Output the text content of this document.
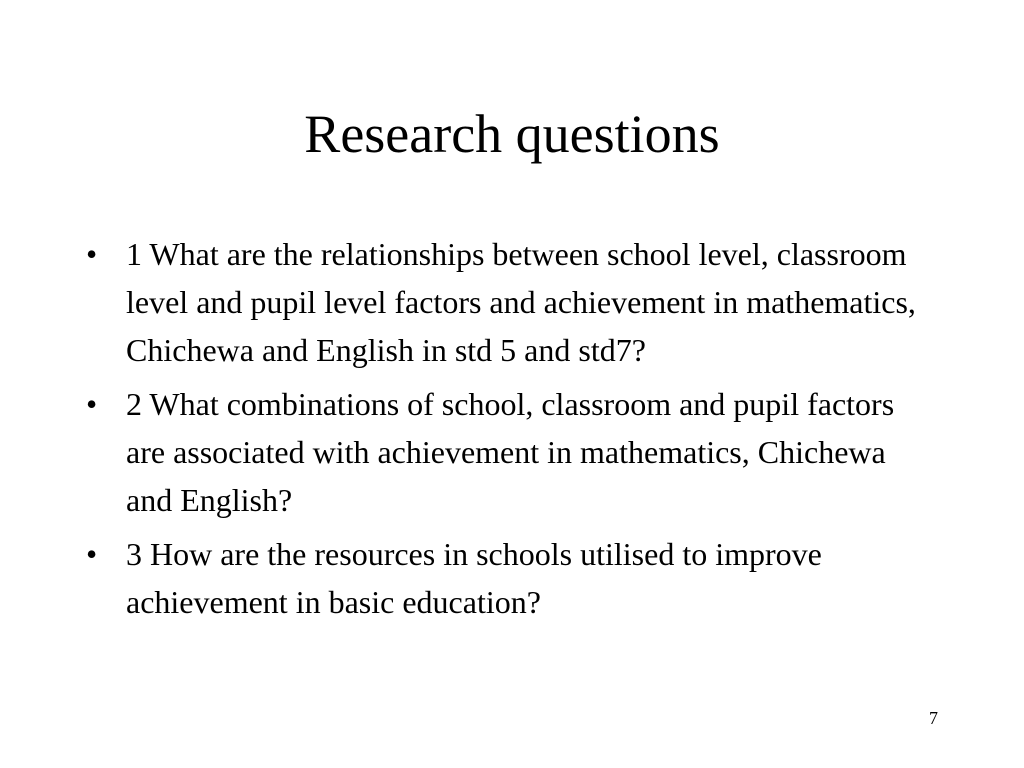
Research questions
• 1 What are the relationships between school level, classroom level and pupil level factors and achievement in mathematics, Chichewa and English in std 5 and std7?
• 2 What combinations of school, classroom and pupil factors are associated with achievement in mathematics, Chichewa and English?
• 3 How are the resources in schools utilised to improve achievement in basic education?
7
